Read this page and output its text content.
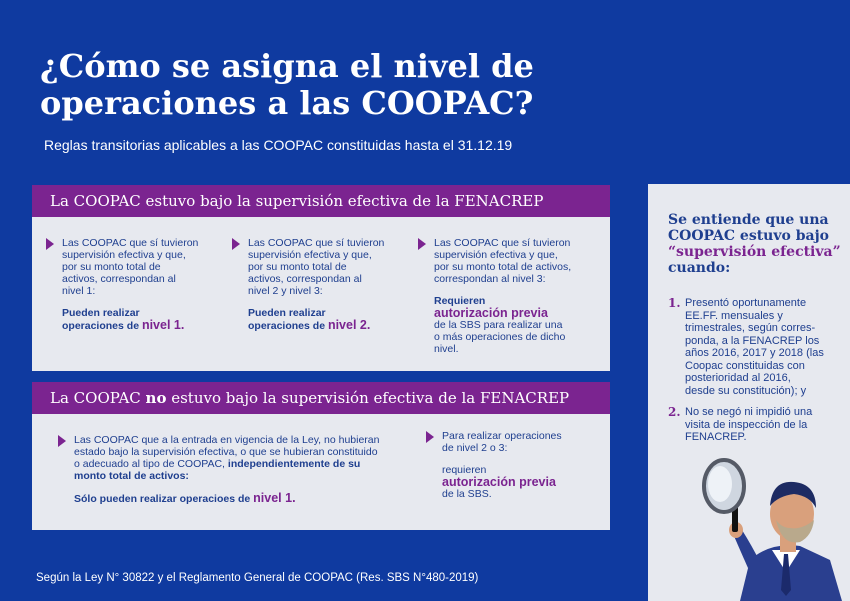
¿Cómo se asigna el nivel de
operaciones a las COOPAC?
Reglas transitorias aplicables a las COOPAC constituidas hasta el 31.12.19
La COOPAC estuvo bajo la supervisión efectiva de la FENACREP

Las COOPAC que sí tuvieron

supervisión efectiva y que,

por su monto total de

activos, correspondan al

nivel 1:

Pueden realizar

operaciones de nivel 1.

Las COOPAC que sí tuvieron

supervisión efectiva y que,

por su monto total de

activos, correspondan al

nivel 2 y nivel 3:

Pueden realizar

operaciones de nivel 2.

Las COOPAC que sí tuvieron

supervisión efectiva y que,

por su monto total de activos,

correspondan al nivel 3:

Requieren

autorización previa

de la SBS para realizar una

o más operaciones de dicho

nivel.

La COOPAC no estuvo bajo la supervisión efectiva de la FENACREP

Las COOPAC que a la entrada en vigencia de la Ley, no hubieran

estado bajo la supervisión efectiva, o que se hubieran constituido

o adecuado al tipo de COOPAC, independientemente de su

monto total de activos:

Sólo pueden realizar operacioes de nivel 1.

Para realizar operaciones

de nivel 2 o 3:

requieren

autorización previa

de la SBS.

Se entiende que una
COOPAC estuvo bajo
“supervisión efectiva”
cuando:
1. Presentó oportunamente
EE.FF. mensuales y
trimestrales, según corres-
ponda, a la FENACREP los
años 2016, 2017 y 2018 (las
Coopac constituidas con
posterioridad al 2016,
desde su constitución); y
2. No se negó ni impidió una
visita de inspección de la
FENACREP.
Según la Ley N° 30822 y el Reglamento General de COOPAC (Res. SBS N°480-2019)
